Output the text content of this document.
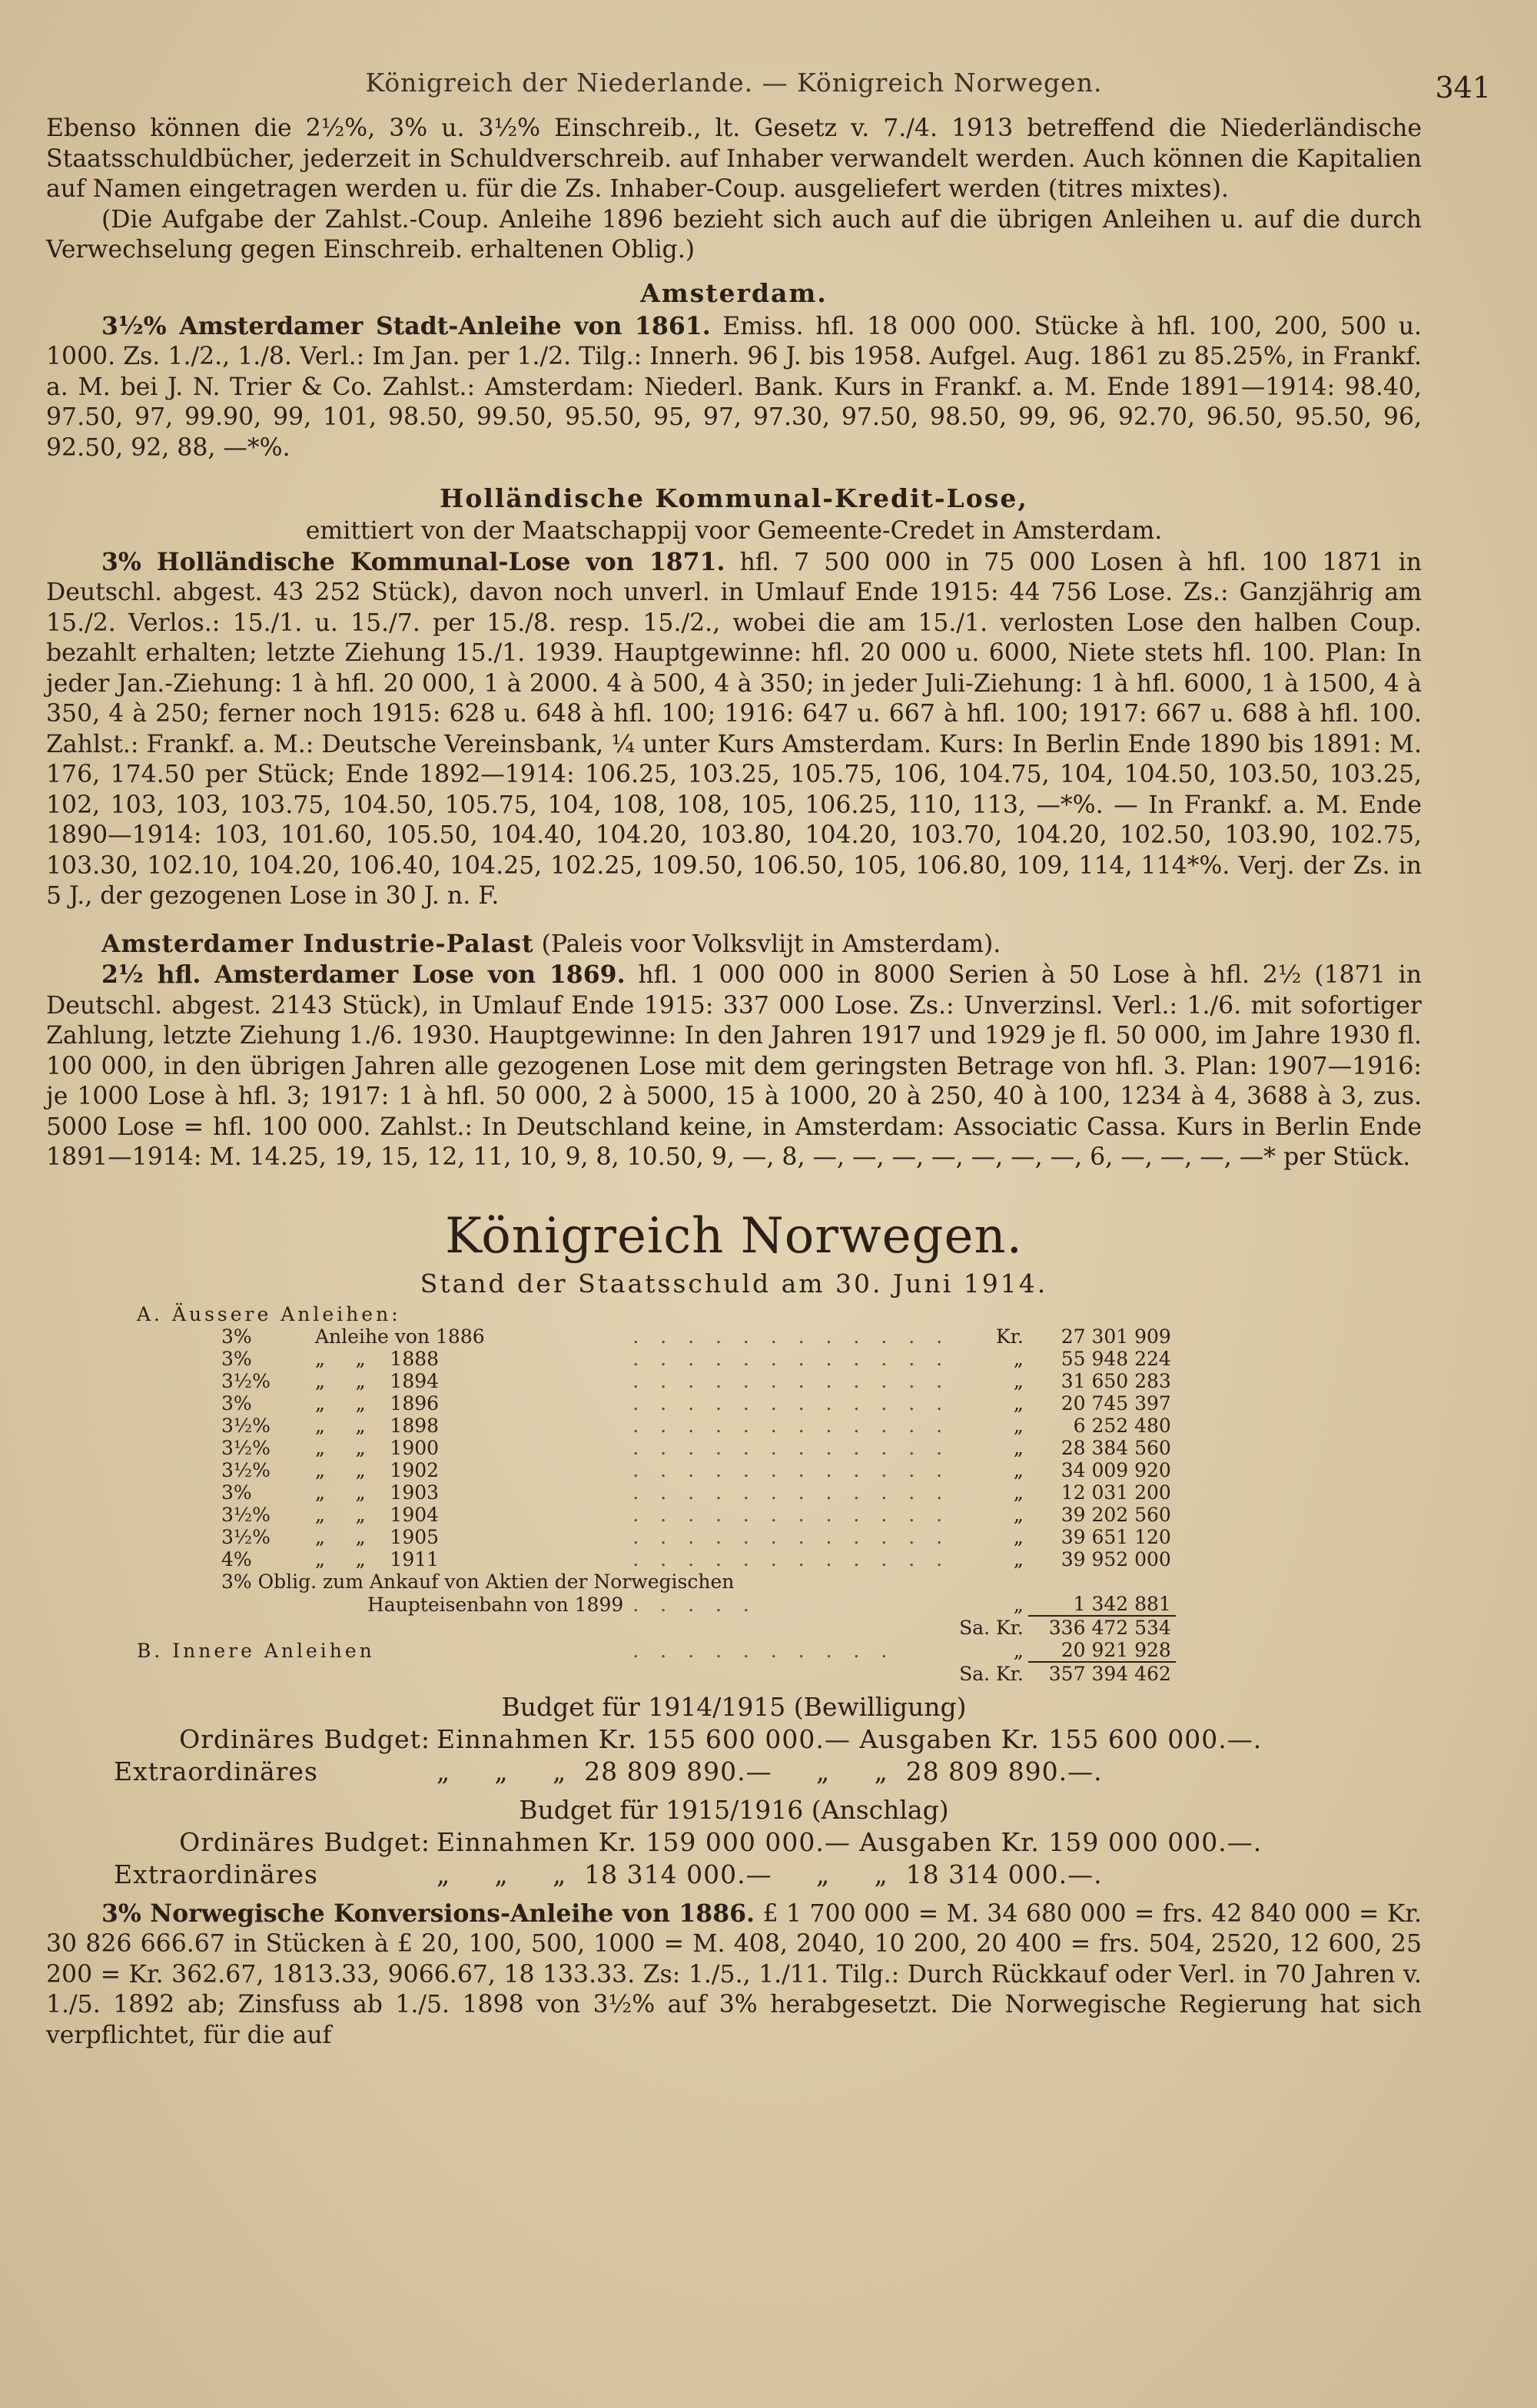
Königreich der Niederlande. — Königreich Norwegen.	341

Ebenso können die 2½%, 3% u. 3½% Einschreib., lt. Gesetz v. 7./4. 1913 betreffend die Niederländische Staatsschuldbücher, jederzeit in Schuldverschreib. auf Inhaber verwandelt werden. Auch können die Kapitalien auf Namen eingetragen werden u. für die Zs. Inhaber-Coup. ausgeliefert werden (titres mixtes).

(Die Aufgabe der Zahlst.-Coup. Anleihe 1896 bezieht sich auch auf die übrigen Anleihen u. auf die durch Verwechselung gegen Einschreib. erhaltenen Oblig.)

Amsterdam.

3½% Amsterdamer Stadt-Anleihe von 1861. Emiss. hfl. 18 000 000. Stücke à hfl. 100, 200, 500 u. 1000. Zs. 1./2., 1./8. Verl.: Im Jan. per 1./2. Tilg.: Innerh. 96 J. bis 1958. Aufgel. Aug. 1861 zu 85.25%, in Frankf. a. M. bei J. N. Trier & Co. Zahlst.: Amsterdam: Niederl. Bank. Kurs in Frankf. a. M. Ende 1891—1914: 98.40, 97.50, 97, 99.90, 99, 101, 98.50, 99.50, 95.50, 95, 97, 97.30, 97.50, 98.50, 99, 96, 92.70, 96.50, 95.50, 96, 92.50, 92, 88, —*%.

Holländische Kommunal-Kredit-Lose,

emittiert von der Maatschappij voor Gemeente-Credet in Amsterdam.

3% Holländische Kommunal-Lose von 1871. hfl. 7 500 000 in 75 000 Losen à hfl. 100 1871 in Deutschl. abgest. 43 252 Stück), davon noch unverl. in Umlauf Ende 1915: 44 756 Lose. Zs.: Ganzjährig am 15./2. Verlos.: 15./1. u. 15./7. per 15./8. resp. 15./2., wobei die am 15./1. verlosten Lose den halben Coup. bezahlt erhalten; letzte Ziehung 15./1. 1939. Hauptgewinne: hfl. 20 000 u. 6000, Niete stets hfl. 100. Plan: In jeder Jan.-Ziehung: 1 à hfl. 20 000, 1 à 2000. 4 à 500, 4 à 350; in jeder Juli-Ziehung: 1 à hfl. 6000, 1 à 1500, 4 à 350, 4 à 250; ferner noch 1915: 628 u. 648 à hfl. 100; 1916: 647 u. 667 à hfl. 100; 1917: 667 u. 688 à hfl. 100. Zahlst.: Frankf. a. M.: Deutsche Vereinsbank, ¼ unter Kurs Amsterdam. Kurs: In Berlin Ende 1890 bis 1891: M. 176, 174.50 per Stück; Ende 1892—1914: 106.25, 103.25, 105.75, 106, 104.75, 104, 104.50, 103.50, 103.25, 102, 103, 103, 103.75, 104.50, 105.75, 104, 108, 108, 105, 106.25, 110, 113, —*%. — In Frankf. a. M. Ende 1890—1914: 103, 101.60, 105.50, 104.40, 104.20, 103.80, 104.20, 103.70, 104.20, 102.50, 103.90, 102.75, 103.30, 102.10, 104.20, 106.40, 104.25, 102.25, 109.50, 106.50, 105, 106.80, 109, 114, 114*%. Verj. der Zs. in 5 J., der gezogenen Lose in 30 J. n. F.

Amsterdamer Industrie-Palast (Paleis voor Volksvlijt in Amsterdam).

2½ hfl. Amsterdamer Lose von 1869. hfl. 1 000 000 in 8000 Serien à 50 Lose à hfl. 2½ (1871 in Deutschl. abgest. 2143 Stück), in Umlauf Ende 1915: 337 000 Lose. Zs.: Unverzinsl. Verl.: 1./6. mit sofortiger Zahlung, letzte Ziehung 1./6. 1930. Hauptgewinne: In den Jahren 1917 und 1929 je fl. 50 000, im Jahre 1930 fl. 100 000, in den übrigen Jahren alle gezogenen Lose mit dem geringsten Betrage von hfl. 3. Plan: 1907—1916: je 1000 Lose à hfl. 3; 1917: 1 à hfl. 50 000, 2 à 5000, 15 à 1000, 20 à 250, 40 à 100, 1234 à 4, 3688 à 3, zus. 5000 Lose = hfl. 100 000. Zahlst.: In Deutschland keine, in Amsterdam: Associatic Cassa. Kurs in Berlin Ende 1891—1914: M. 14.25, 19, 15, 12, 11, 10, 9, 8, 10.50, 9, —, 8, —, —, —, —, —, —, —, 6, —, —, —, —* per Stück.

Königreich Norwegen.
Stand der Staatsschuld am 30. Juni 1914.
A. Äussere Anleihen:
3%	Anleihe von 1886	. . . . . . . . . . . .	Kr.	27 301 909
3%	„     „    1888	. . . . . . . . . . . .	„	55 948 224
3½%	„     „    1894	. . . . . . . . . . . .	„	31 650 283
3%	„     „    1896	. . . . . . . . . . . .	„	20 745 397
3½%	„     „    1898	. . . . . . . . . . . .	„	6 252 480
3½%	„     „    1900	. . . . . . . . . . . .	„	28 384 560
3½%	„     „    1902	. . . . . . . . . . . .	„	34 009 920
3%	„     „    1903	. . . . . . . . . . . .	„	12 031 200
3½%	„     „    1904	. . . . . . . . . . . .	„	39 202 560
3½%	„     „    1905	. . . . . . . . . . . .	„	39 651 120
4%	„     „    1911	. . . . . . . . . . . .	„	39 952 000
3% Oblig. zum Ankauf von Aktien der Norwegischen				
Haupteisenbahn von 1899		. . . . .	„	1 342 881
			Sa. Kr.	336 472 534
B. Innere Anleihen		. . . . . . . . . .	„	20 921 928
			Sa. Kr.	357 394 462
Budget für 1914/1915 (Bewilligung)
Ordinäres Budget: Einnahmen Kr. 155 600 000.— Ausgaben Kr. 155 600 000.—.
Extraordinäres	„     „     „  28 809 890.—     „     „  28 809 890.—.
Budget für 1915/1916 (Anschlag)
Ordinäres Budget: Einnahmen Kr. 159 000 000.— Ausgaben Kr. 159 000 000.—.
Extraordinäres	„     „     „  18 314 000.—     „     „  18 314 000.—.

3% Norwegische Konversions-Anleihe von 1886. £ 1 700 000 = M. 34 680 000 = frs. 42 840 000 = Kr. 30 826 666.67 in Stücken à £ 20, 100, 500, 1000 = M. 408, 2040, 10 200, 20 400 = frs. 504, 2520, 12 600, 25 200 = Kr. 362.67, 1813.33, 9066.67, 18 133.33. Zs: 1./5., 1./11. Tilg.: Durch Rückkauf oder Verl. in 70 Jahren v. 1./5. 1892 ab; Zinsfuss ab 1./5. 1898 von 3½% auf 3% herabgesetzt. Die Norwegische Regierung hat sich verpflichtet, für die auf
